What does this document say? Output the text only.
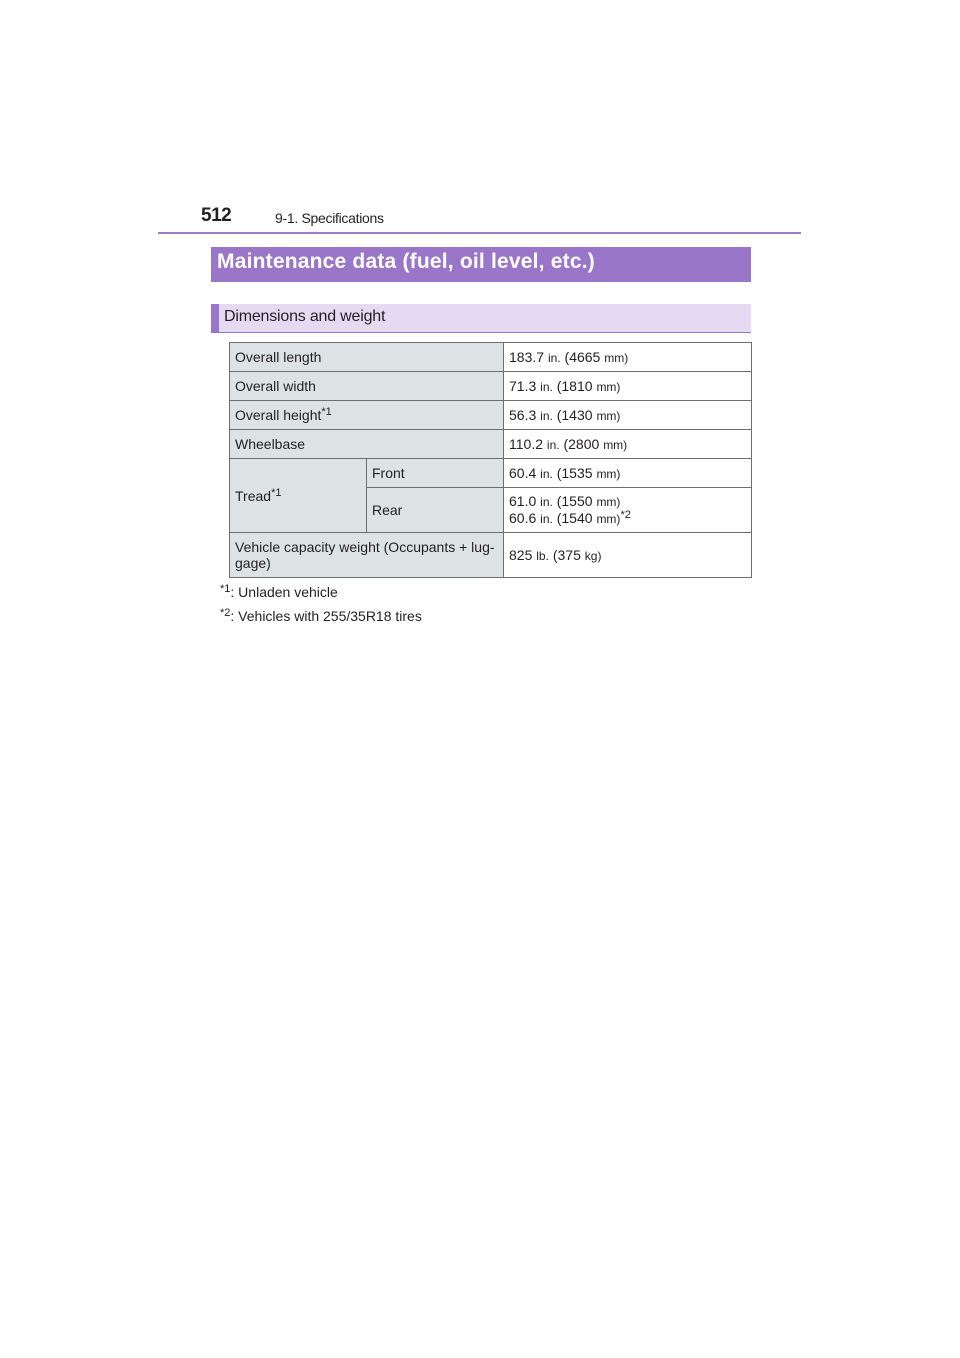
512	9-1. Specifications
Maintenance data (fuel, oil level, etc.)
Dimensions and weight
Overall length		183.7 in. (4665 mm)
Overall width		71.3 in. (1810 mm)
Overall height$^{*1}$		56.3 in. (1430 mm)
Wheelbase		110.2 in. (2800 mm)
Tread$^{*1}$	Front	60.4 in. (1535 mm)
	Rear	61.0 in. (1550 mm)
60.6 in. (1540 mm)$^{*2}$

Vehicle capacity weight (Occupants + lug-
gage)		825 lb. (375 kg)
$^{*1}$: Unladen vehicle
$^{*2}$: Vehicles with 255/35R18 tires
